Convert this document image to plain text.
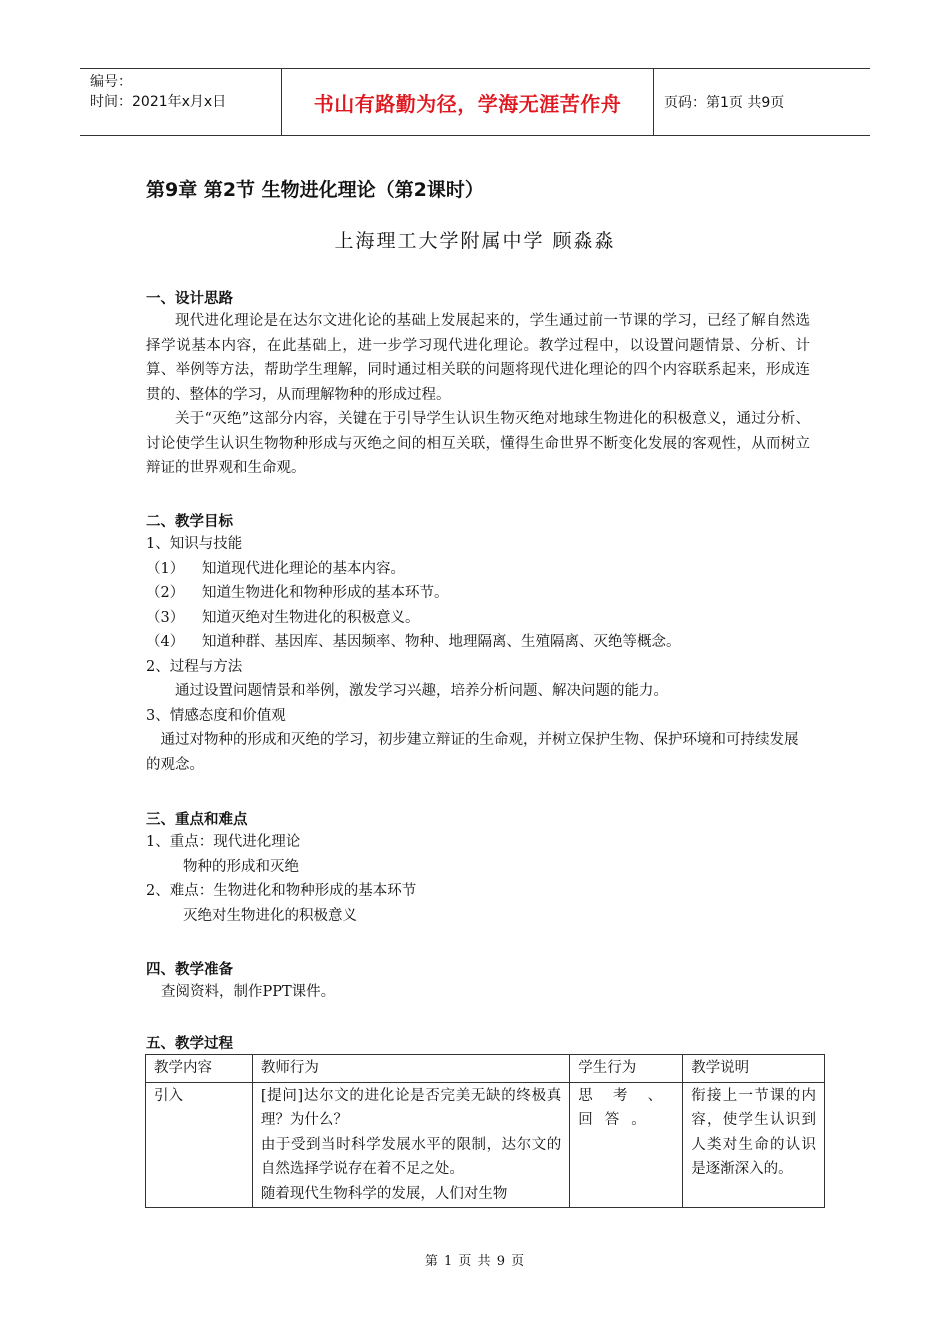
编号：
时间：2021年x月x日	书山有路勤为径，学海无涯苦作舟	页码：第1页 共9页
第9章 第2节 生物进化理论（第2课时）
上海理工大学附属中学 顾淼淼
一、设计思路

现代进化理论是在达尔文进化论的基础上发展起来的，学生通过前一节课的学习，已经了解自然选择学说基本内容，在此基础上，进一步学习现代进化理论。教学过程中，以设置问题情景、分析、计算、举例等方法，帮助学生理解，同时通过相关联的问题将现代进化理论的四个内容联系起来，形成连贯的、整体的学习，从而理解物种的形成过程。

关于“灭绝”这部分内容，关键在于引导学生认识生物灭绝对地球生物进化的积极意义，通过分析、讨论使学生认识生物物种形成与灭绝之间的相互关联，懂得生命世界不断变化发展的客观性，从而树立辩证的世界观和生命观。

二、教学目标
1、知识与技能
（1）	知道现代进化理论的基本内容。
（2）	知道生物进化和物种形成的基本环节。
（3）	知道灭绝对生物进化的积极意义。
（4）	知道种群、基因库、基因频率、物种、地理隔离、生殖隔离、灭绝等概念。
2、过程与方法
通过设置问题情景和举例，激发学习兴趣，培养分析问题、解决问题的能力。
3、情感态度和价值观
通过对物种的形成和灭绝的学习，初步建立辩证的生命观，并树立保护生物、保护环境和可持续发展的观念。
三、重点和难点
1、重点：现代进化理论
物种的形成和灭绝
2、难点：生物进化和物种形成的基本环节
灭绝对生物进化的积极意义
四、教学准备
查阅资料，制作PPT课件。
五、教学过程
教学内容	教师行为	学生行为	教学说明
引入	[提问]达尔文的进化论是否完美无缺的终极真理？为什么？
由于受到当时科学发展水平的限制，达尔文的自然选择学说存在着不足之处。
随着现代生物科学的发展，人们对生物	思考、回答。	衔接上一节课的内容，使学生认识到人类对生命的认识是逐渐深入的。
第 1 页 共 9 页
